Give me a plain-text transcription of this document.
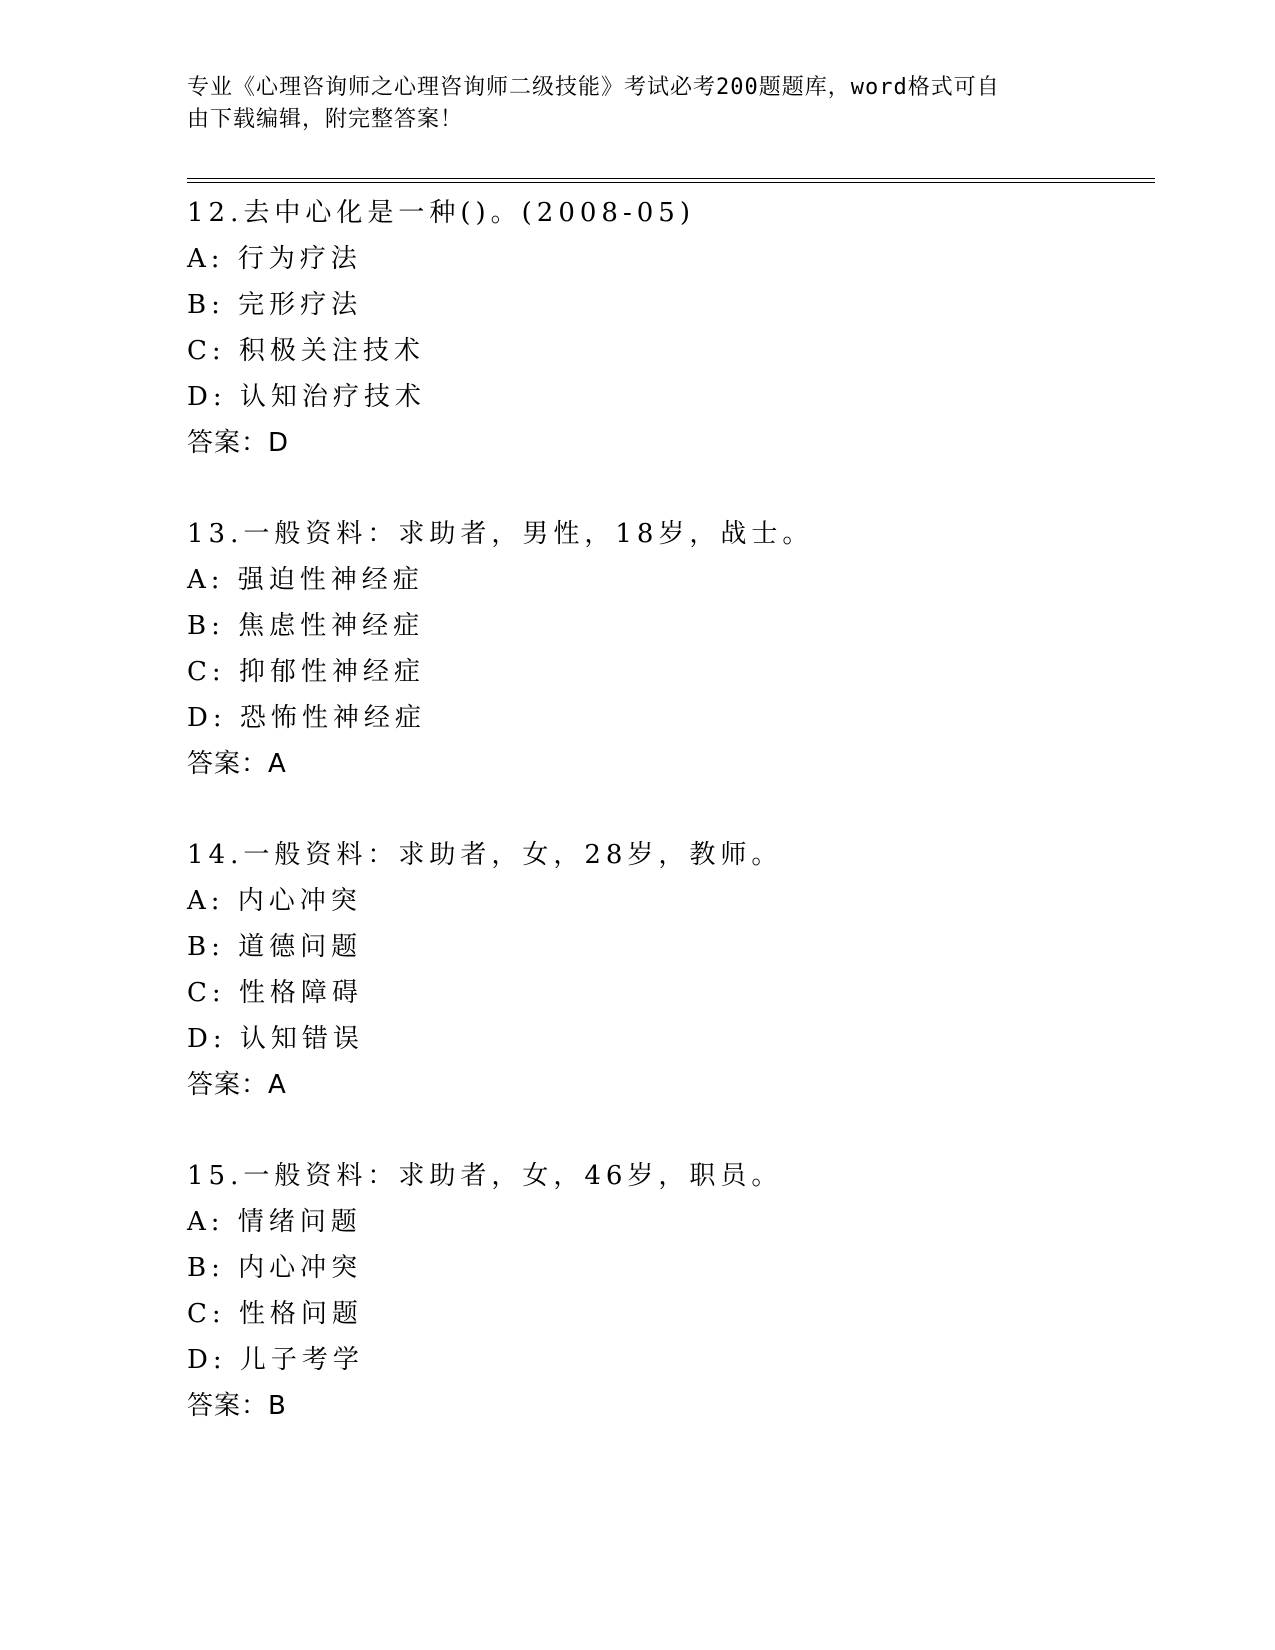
专业《心理咨询师之心理咨询师二级技能》考试必考200题题库，word格式可自
由下载编辑，附完整答案！
12.去中心化是一种()。(2008-05)
A: 行为疗法
B: 完形疗法
C: 积极关注技术
D: 认知治疗技术
答案：D
13.一般资料：求助者，男性，18岁，战士。
A: 强迫性神经症
B: 焦虑性神经症
C: 抑郁性神经症
D: 恐怖性神经症
答案：A
14.一般资料：求助者，女，28岁，教师。
A: 内心冲突
B: 道德问题
C: 性格障碍
D: 认知错误
答案：A
15.一般资料：求助者，女，46岁，职员。
A: 情绪问题
B: 内心冲突
C: 性格问题
D: 儿子考学
答案：B
